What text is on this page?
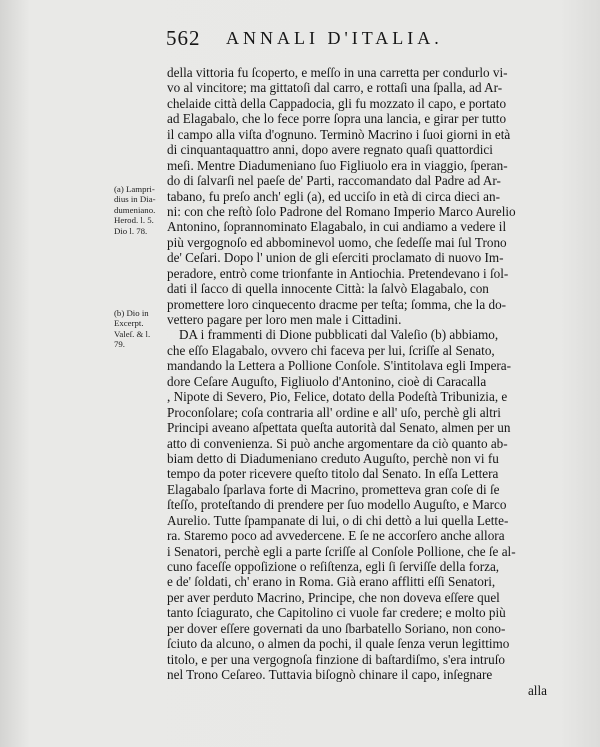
562 ANNALI D'ITALIA.
(a) Lampri-
dius in Dia-
dumeniano.
Herod. l. 5.
Dio l. 78.
(b) Dio in
Excerpt.
Valeſ. & l.
79.
della vittoria fu ſcoperto, e meſſo in una carretta per condurlo vi-
vo al vincitore; ma gittatoſi dal carro, e rottaſi una ſpalla, ad Ar-
chelaide città della Cappadocia, gli fu mozzato il capo, e portato
ad Elagabalo, che lo fece porre ſopra una lancia, e girar per tutto
il campo alla viſta d'ognuno. Terminò Macrino i ſuoi giorni in età
di cinquantaquattro anni, dopo avere regnato quaſi quattordici
meſi. Mentre Diadumeniano ſuo Figliuolo era in viaggio, ſperan-
do di ſalvarſi nel paeſe de' Parti, raccomandato dal Padre ad Ar-
tabano, fu preſo anch' egli (a), ed ucciſo in età di circa dieci an-
ni: con che reſtò ſolo Padrone del Romano Imperio Marco Aurelio
Antonino, ſoprannominato Elagabalo, in cui andiamo a vedere il
più vergognoſo ed abbominevol uomo, che ſedeſſe mai ſul Trono
de' Ceſari. Dopo l' union de gli eſerciti proclamato di nuovo Im-
peradore, entrò come trionfante in Antiochia. Pretendevano i ſol-
dati il ſacco di quella innocente Città: la ſalvò Elagabalo, con
promettere loro cinquecento dracme per teſta; ſomma, che la do-
vettero pagare per loro men male i Cittadini.
DA i frammenti di Dione pubblicati dal Valeſio (b) abbiamo,
che eſſo Elagabalo, ovvero chi faceva per lui, ſcriſſe al Senato,
mandando la Lettera a Pollione Conſole. S'intitolava egli Impera-
dore Ceſare Auguſto, Figliuolo d'Antonino, cioè di Caracalla
, Nipote di Severo, Pio, Felice, dotato della Podeſtà Tribunizia, e
Proconſolare; coſa contraria all' ordine e all' uſo, perchè gli altri
Principi aveano aſpettata queſta autorità dal Senato, almen per un
atto di convenienza. Si può anche argomentare da ciò quanto ab-
biam detto di Diadumeniano creduto Auguſto, perchè non vi fu
tempo da poter ricevere queſto titolo dal Senato. In eſſa Lettera
Elagabalo ſparlava forte di Macrino, prometteva gran coſe di ſe
ſteſſo, proteſtando di prendere per ſuo modello Auguſto, e Marco
Aurelio. Tutte ſpampanate di lui, o di chi dettò a lui quella Lette-
ra. Staremo poco ad avvedercene. E ſe ne accorſero anche allora
i Senatori, perchè egli a parte ſcriſſe al Conſole Pollione, che ſe al-
cuno faceſſe oppoſizione o reſiſtenza, egli ſi ſerviſſe della forza,
e de' ſoldati, ch' erano in Roma. Già erano afflitti eſſi Senatori,
per aver perduto Macrino, Principe, che non doveva eſſere quel
tanto ſciagurato, che Capitolino ci vuole far credere; e molto più
per dover eſſere governati da uno ſbarbatello Soriano, non cono-
ſciuto da alcuno, o almen da pochi, il quale ſenza verun legittimo
titolo, e per una vergognoſa finzione di baſtardiſmo, s'era intruſo
nel Trono Ceſareo. Tuttavia biſognò chinare il capo, inſegnare
alla
